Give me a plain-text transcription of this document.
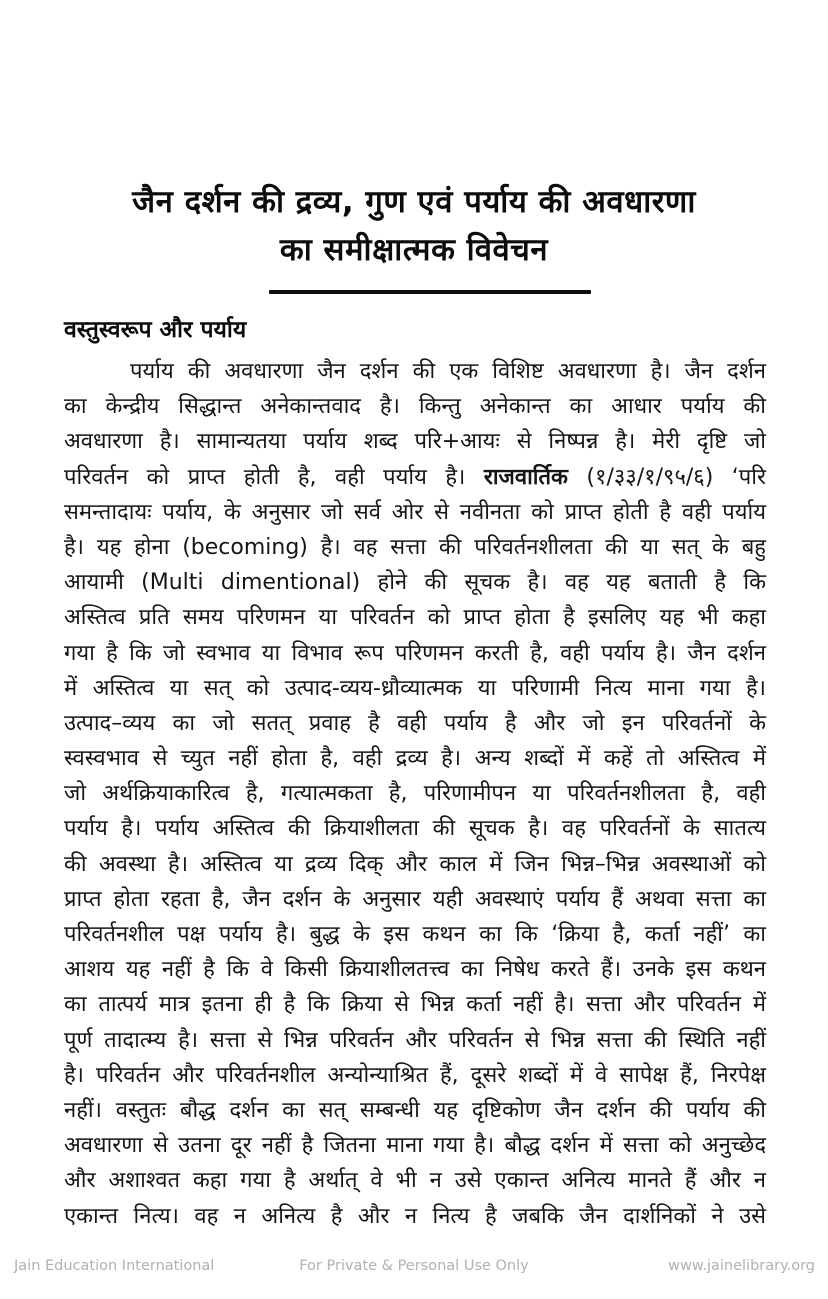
जैन दर्शन की द्रव्य, गुण एवं पर्याय की अवधारणा
का समीक्षात्मक विवेचन
वस्तुस्वरूप और पर्याय
पर्याय की अवधारणा जैन दर्शन की एक विशिष्ट अवधारणा है। जैन दर्शन
का केन्द्रीय सिद्धान्त अनेकान्तवाद है। किन्तु अनेकान्त का आधार पर्याय की
अवधारणा है। सामान्यतया पर्याय शब्द परि+आयः से निष्पन्न है। मेरी दृष्टि जो
परिवर्तन को प्राप्त होती है, वही पर्याय है। राजवार्तिक (१/३३/१/९५/६) ‘परि
समन्तादायः पर्याय, के अनुसार जो सर्व ओर से नवीनता को प्राप्त होती है वही पर्याय
है। यह होना (becoming) है। वह सत्ता की परिवर्तनशीलता की या सत् के बहु
आयामी (Multi dimentional) होने की सूचक है। वह यह बताती है कि
अस्तित्व प्रति समय परिणमन या परिवर्तन को प्राप्त होता है इसलिए यह भी कहा
गया है कि जो स्वभाव या विभाव रूप परिणमन करती है, वही पर्याय है। जैन दर्शन
में अस्तित्व या सत् को उत्पाद-व्यय-ध्रौव्यात्मक या परिणामी नित्य माना गया है।
उत्पाद–व्यय का जो सतत् प्रवाह है वही पर्याय है और जो इन परिवर्तनों के
स्वस्वभाव से च्युत नहीं होता है, वही द्रव्य है। अन्य शब्दों में कहें तो अस्तित्व में
जो अर्थक्रियाकारित्व है, गत्यात्मकता है, परिणामीपन या परिवर्तनशीलता है, वही
पर्याय है। पर्याय अस्तित्व की क्रियाशीलता की सूचक है। वह परिवर्तनों के सातत्य
की अवस्था है। अस्तित्व या द्रव्य दिक् और काल में जिन भिन्न–भिन्न अवस्थाओं को
प्राप्त होता रहता है, जैन दर्शन के अनुसार यही अवस्थाएं पर्याय हैं अथवा सत्ता का
परिवर्तनशील पक्ष पर्याय है। बुद्ध के इस कथन का कि ‘क्रिया है, कर्ता नहीं’ का
आशय यह नहीं है कि वे किसी क्रियाशीलतत्त्व का निषेध करते हैं। उनके इस कथन
का तात्पर्य मात्र इतना ही है कि क्रिया से भिन्न कर्ता नहीं है। सत्ता और परिवर्तन में
पूर्ण तादात्म्य है। सत्ता से भिन्न परिवर्तन और परिवर्तन से भिन्न सत्ता की स्थिति नहीं
है। परिवर्तन और परिवर्तनशील अन्योन्याश्रित हैं, दूसरे शब्दों में वे सापेक्ष हैं, निरपेक्ष
नहीं। वस्तुतः बौद्ध दर्शन का सत् सम्बन्धी यह दृष्टिकोण जैन दर्शन की पर्याय की
अवधारणा से उतना दूर नहीं है जितना माना गया है। बौद्ध दर्शन में सत्ता को अनुच्छेद
और अशाश्वत कहा गया है अर्थात् वे भी न उसे एकान्त अनित्य मानते हैं और न
एकान्त नित्य। वह न अनित्य है और न नित्य है जबकि जैन दार्शनिकों ने उसे
Jain Education International	For Private & Personal Use Only	www.jainelibrary.org
